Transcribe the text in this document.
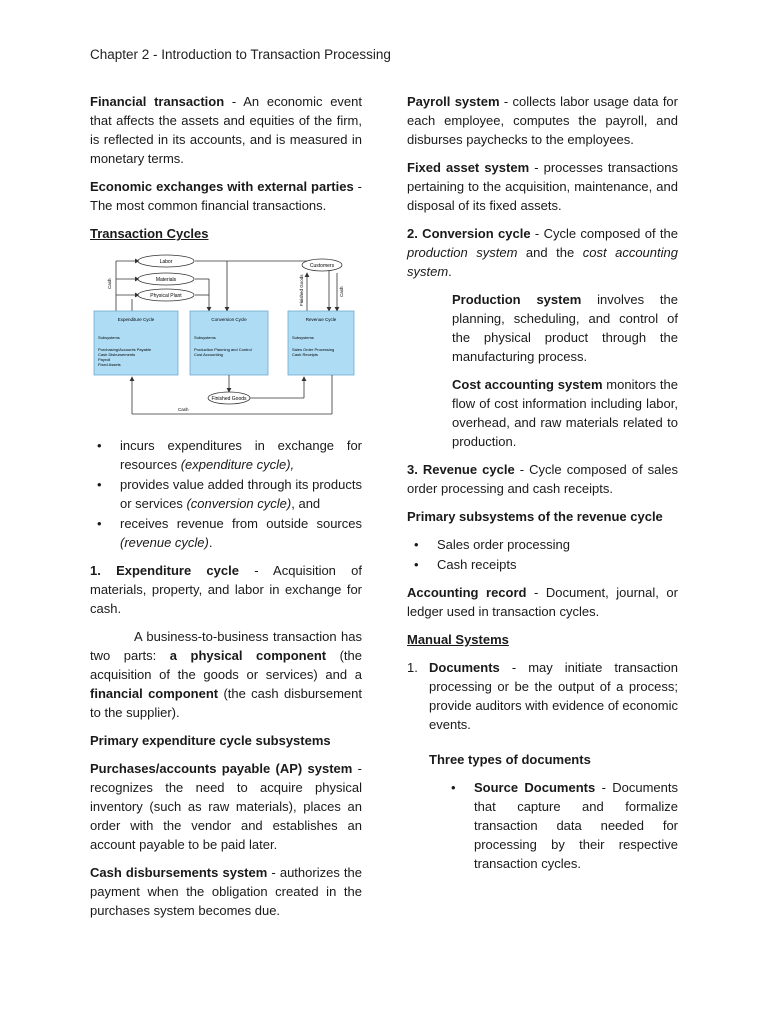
Chapter 2 - Introduction to Transaction Processing

Financial transaction - An economic event that affects the assets and equities of the firm, is reflected in its accounts, and is measured in monetary terms.

Economic exchanges with external parties - The most common financial transactions.

Transaction Cycles

Labor
Materials
Physical Plant
Cash
Customers
Finished Goods	Cash
Expenditure Cycle
Subsystems
Purchasing/Accounts Payable
Cash Disbursements
Payroll
Fixed Assets
Conversion Cycle
Subsystems
Production Planning and Control
Cost Accounting
Revenue Cycle
Subsystems
Sales Order Processing
Cash Receipts
Finished Goods
Cash
• incurs expenditures in exchange for resources (expenditure cycle),
• provides value added through its products or services (conversion cycle), and
• receives revenue from outside sources (revenue cycle).

1. Expenditure cycle - Acquisition of materials, property, and labor in exchange for cash.

A business-to-business transaction has two parts: a physical component (the acquisition of the goods or services) and a financial component (the cash disbursement to the supplier).

Primary expenditure cycle subsystems

Purchases/accounts payable (AP) system - recognizes the need to acquire physical inventory (such as raw materials), places an order with the vendor and establishes an account payable to be paid later.

Cash disbursements system - authorizes the payment when the obligation created in the purchases system becomes due.

Payroll system - collects labor usage data for each employee, computes the payroll, and disburses paychecks to the employees.

Fixed asset system - processes transactions pertaining to the acquisition, maintenance, and disposal of its fixed assets.

2. Conversion cycle - Cycle composed of the production system and the cost accounting system.

Production system involves the planning, scheduling, and control of the physical product through the manufacturing process.

Cost accounting system monitors the flow of cost information including labor, overhead, and raw materials related to production.

3. Revenue cycle - Cycle composed of sales order processing and cash receipts.

Primary subsystems of the revenue cycle

• Sales order processing
• Cash receipts

Accounting record - Document, journal, or ledger used in transaction cycles.

Manual Systems

1. Documents - may initiate transaction processing or be the output of a process; provide auditors with evidence of economic events.

Three types of documents

• Source Documents - Documents that capture and formalize transaction data needed for processing by their respective transaction cycles.
